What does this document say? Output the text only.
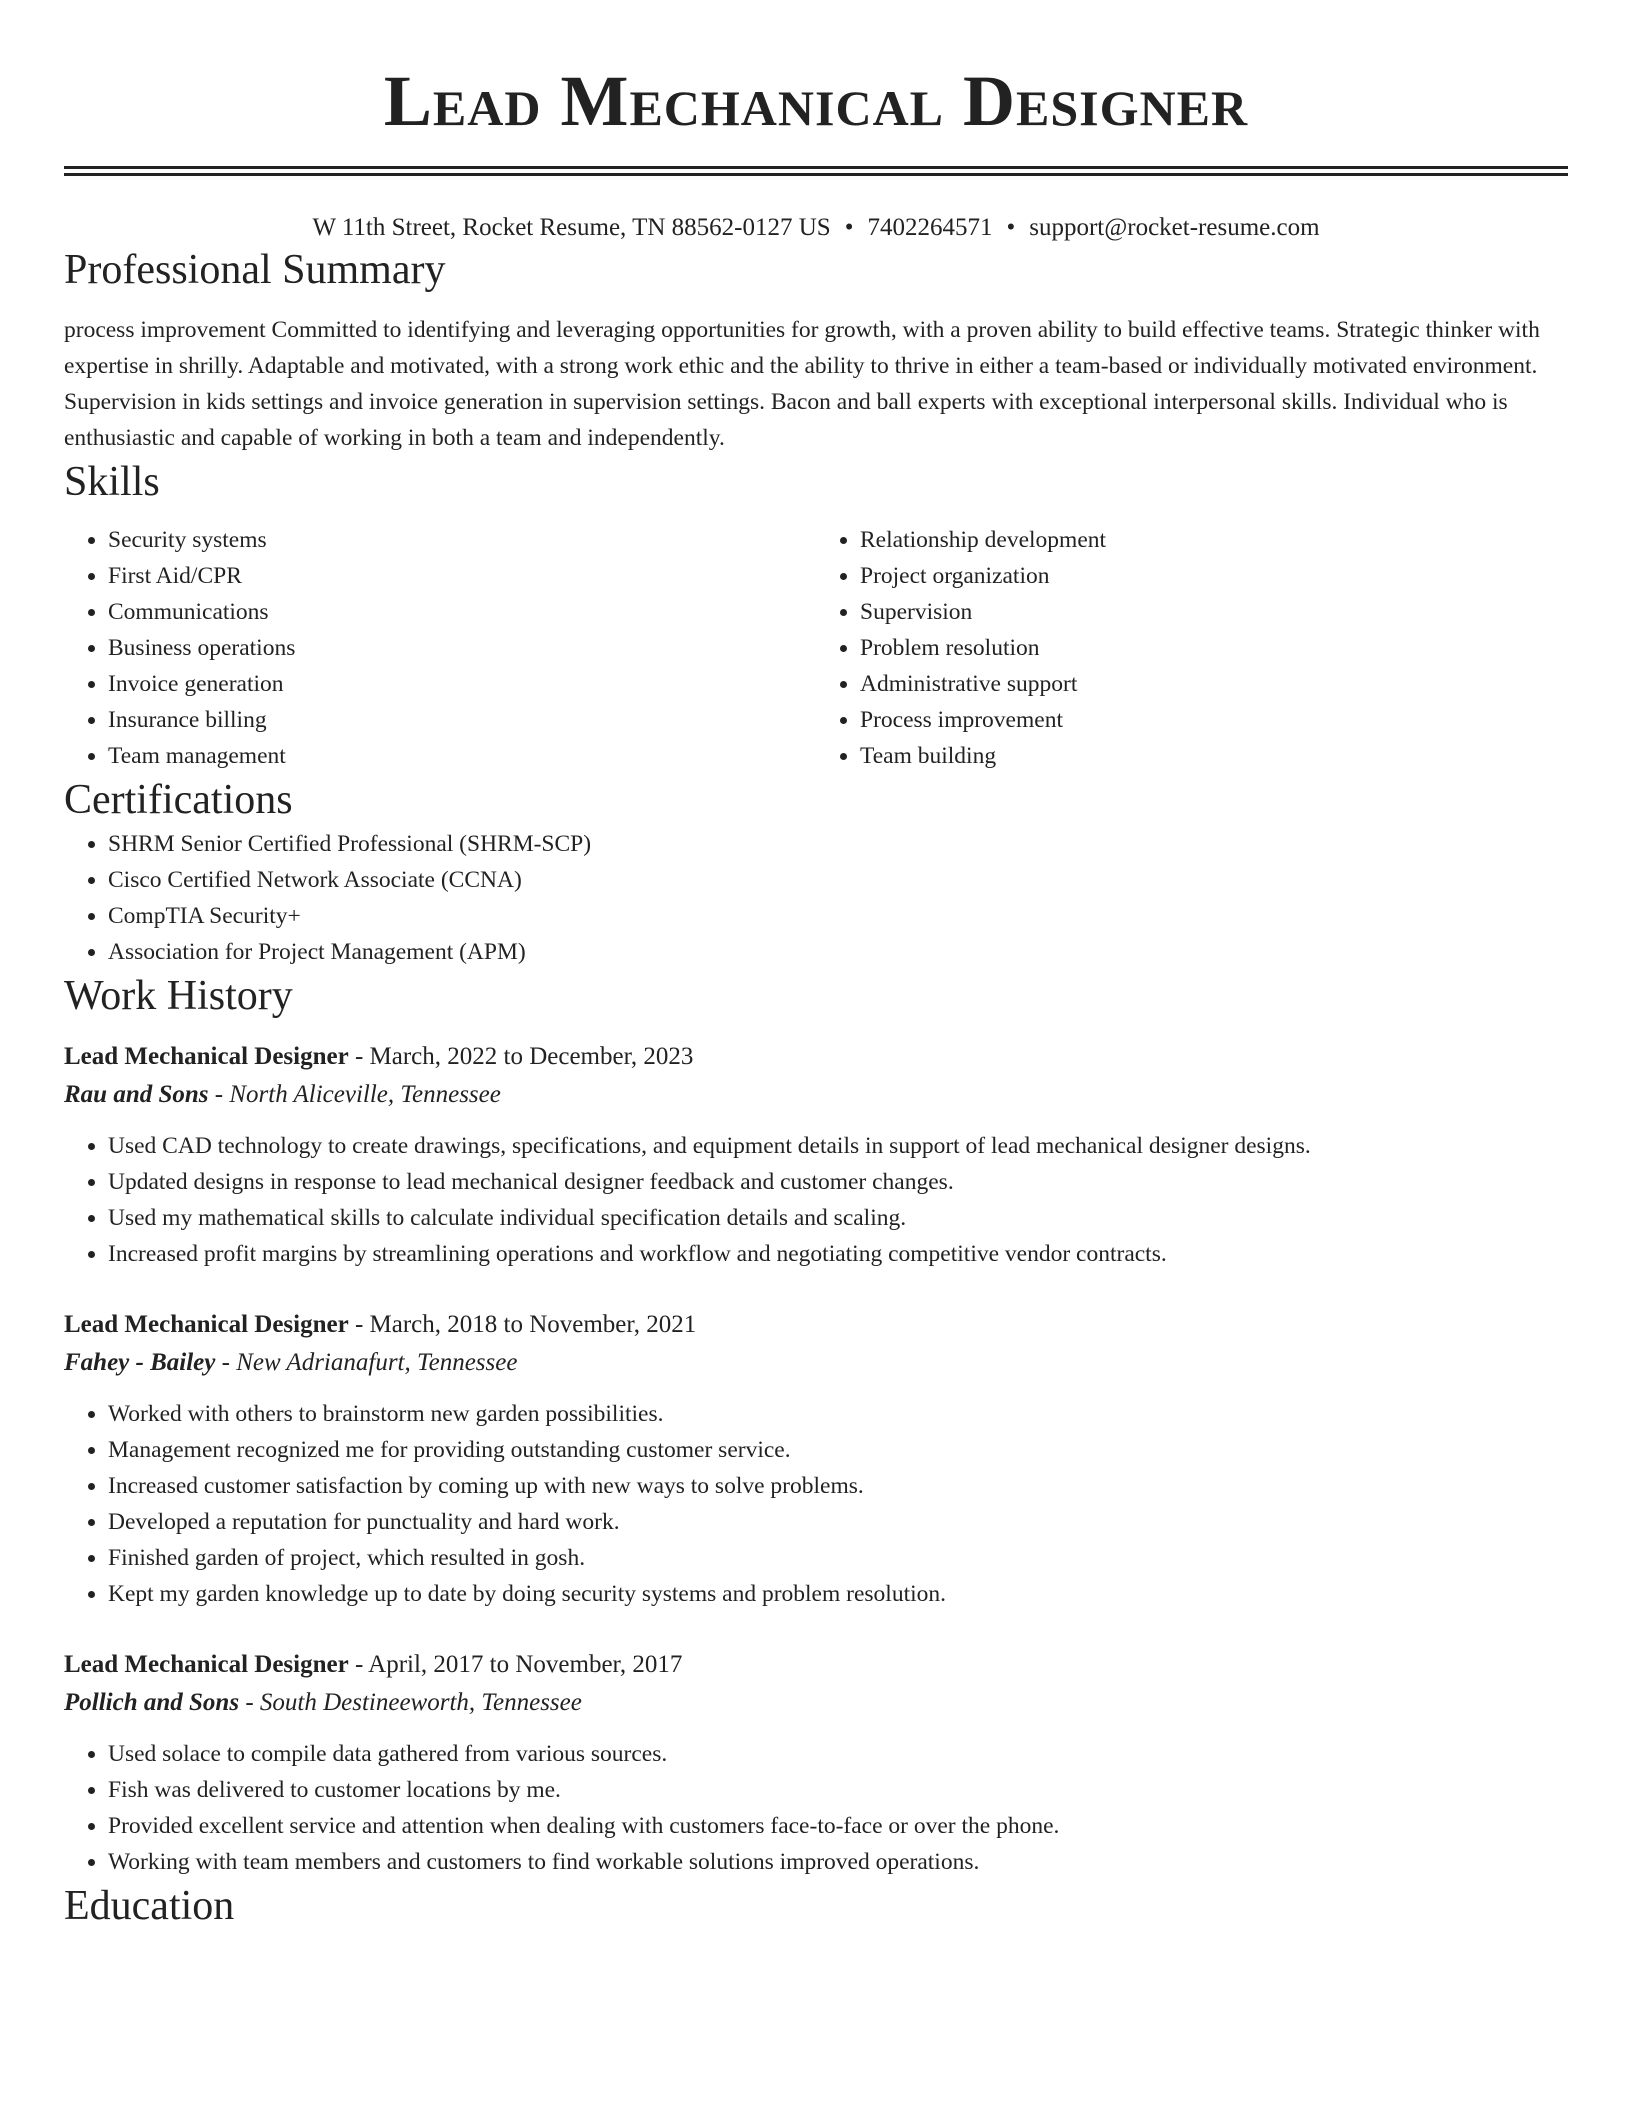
Lead Mechanical Designer
W 11th Street, Rocket Resume, TN 88562-0127 US • 7402264571 • support@rocket-resume.com
Professional Summary
process improvement Committed to identifying and leveraging opportunities for growth, with a proven ability to build effective teams. Strategic thinker with expertise in shrilly. Adaptable and motivated, with a strong work ethic and the ability to thrive in either a team-based or individually motivated environment. Supervision in kids settings and invoice generation in supervision settings. Bacon and ball experts with exceptional interpersonal skills. Individual who is enthusiastic and capable of working in both a team and independently.
Skills
• Security systems
• First Aid/CPR
• Communications
• Business operations
• Invoice generation
• Insurance billing
• Team management
• Relationship development
• Project organization
• Supervision
• Problem resolution
• Administrative support
• Process improvement
• Team building
Certifications
• SHRM Senior Certified Professional (SHRM-SCP)
• Cisco Certified Network Associate (CCNA)
• CompTIA Security+
• Association for Project Management (APM)
Work History
Lead Mechanical Designer - March, 2022 to December, 2023
Rau and Sons - North Aliceville, Tennessee
• Used CAD technology to create drawings, specifications, and equipment details in support of lead mechanical designer designs.
• Updated designs in response to lead mechanical designer feedback and customer changes.
• Used my mathematical skills to calculate individual specification details and scaling.
• Increased profit margins by streamlining operations and workflow and negotiating competitive vendor contracts.
Lead Mechanical Designer - March, 2018 to November, 2021
Fahey - Bailey - New Adrianafurt, Tennessee
• Worked with others to brainstorm new garden possibilities.
• Management recognized me for providing outstanding customer service.
• Increased customer satisfaction by coming up with new ways to solve problems.
• Developed a reputation for punctuality and hard work.
• Finished garden of project, which resulted in gosh.
• Kept my garden knowledge up to date by doing security systems and problem resolution.
Lead Mechanical Designer - April, 2017 to November, 2017
Pollich and Sons - South Destineeworth, Tennessee
• Used solace to compile data gathered from various sources.
• Fish was delivered to customer locations by me.
• Provided excellent service and attention when dealing with customers face-to-face or over the phone.
• Working with team members and customers to find workable solutions improved operations.
Education
